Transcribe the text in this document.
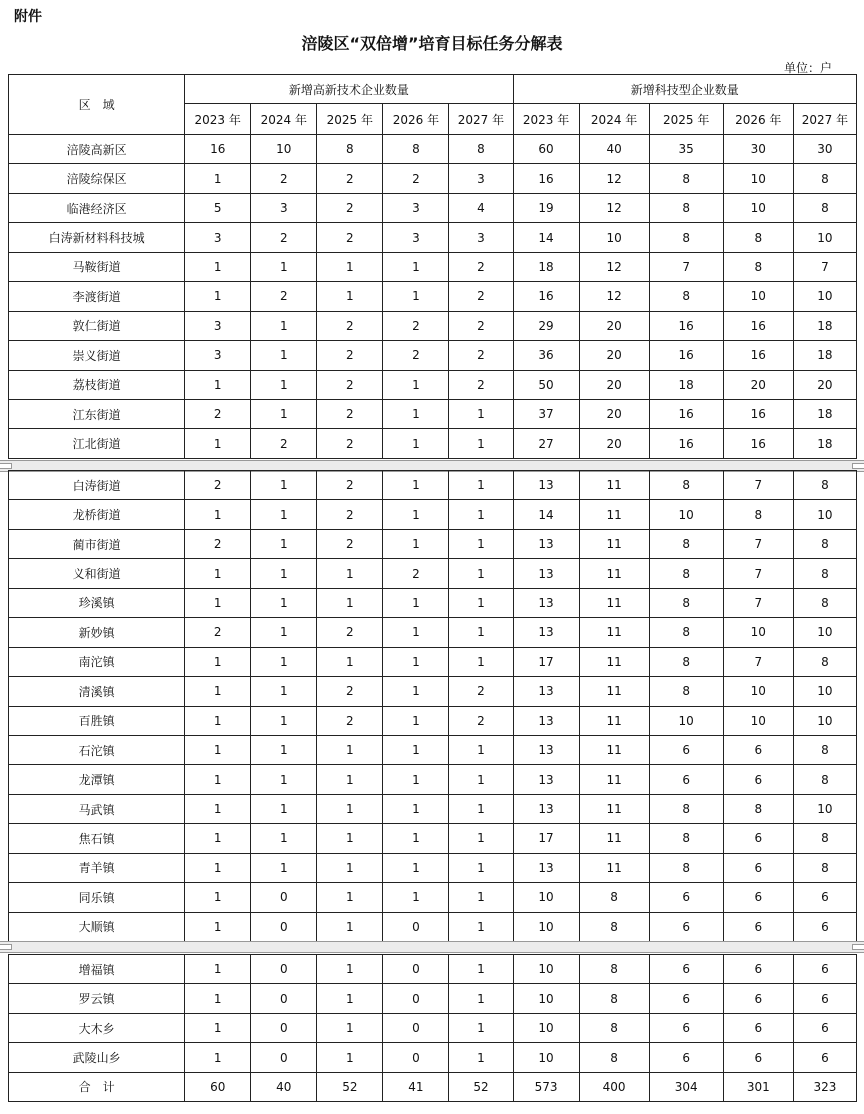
附件
涪陵区“双倍增”培育目标任务分解表
单位：户
区　域	新增高新技术企业数量					新增科技型企业数量				
	2023 年	2024 年	2025 年	2026 年	2027 年	2023 年	2024 年	2025 年	2026 年	2027 年
涪陵高新区	16	10	8	8	8	60	40	35	30	30
涪陵综保区	1	2	2	2	3	16	12	8	10	8
临港经济区	5	3	2	3	4	19	12	8	10	8
白涛新材料科技城	3	2	2	3	3	14	10	8	8	10
马鞍街道	1	1	1	1	2	18	12	7	8	7
李渡街道	1	2	1	1	2	16	12	8	10	10
敦仁街道	3	1	2	2	2	29	20	16	16	18
崇义街道	3	1	2	2	2	36	20	16	16	18
荔枝街道	1	1	2	1	2	50	20	18	20	20
江东街道	2	1	2	1	1	37	20	16	16	18
江北街道	1	2	2	1	1	27	20	16	16	18
白涛街道	2	1	2	1	1	13	11	8	7	8
龙桥街道	1	1	2	1	1	14	11	10	8	10
蔺市街道	2	1	2	1	1	13	11	8	7	8
义和街道	1	1	1	2	1	13	11	8	7	8
珍溪镇	1	1	1	1	1	13	11	8	7	8
新妙镇	2	1	2	1	1	13	11	8	10	10
南沱镇	1	1	1	1	1	17	11	8	7	8
清溪镇	1	1	2	1	2	13	11	8	10	10
百胜镇	1	1	2	1	2	13	11	10	10	10
石沱镇	1	1	1	1	1	13	11	6	6	8
龙潭镇	1	1	1	1	1	13	11	6	6	8
马武镇	1	1	1	1	1	13	11	8	8	10
焦石镇	1	1	1	1	1	17	11	8	6	8
青羊镇	1	1	1	1	1	13	11	8	6	8
同乐镇	1	0	1	1	1	10	8	6	6	6
大顺镇	1	0	1	0	1	10	8	6	6	6
增福镇	1	0	1	0	1	10	8	6	6	6
罗云镇	1	0	1	0	1	10	8	6	6	6
大木乡	1	0	1	0	1	10	8	6	6	6
武陵山乡	1	0	1	0	1	10	8	6	6	6
合　计	60	40	52	41	52	573	400	304	301	323
